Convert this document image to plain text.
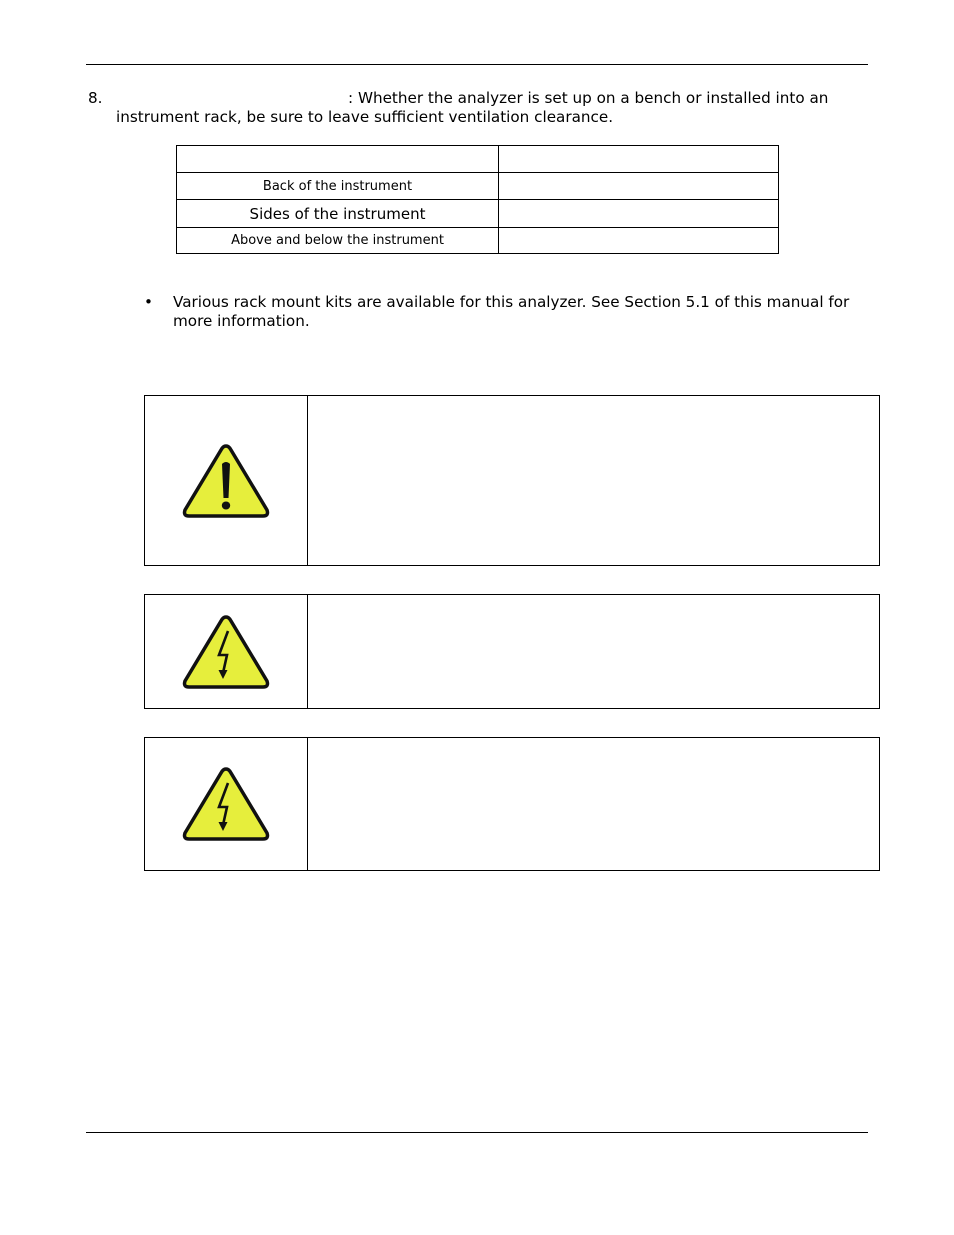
8.	: Whether the analyzer is set up on a bench or installed into an
instrument rack, be sure to leave sufficient ventilation clearance.

Back of the instrument	
Sides of the instrument	
Above and below the instrument	
• Various rack mount kits are available for this analyzer. See Section 5.1 of this manual for more information.
